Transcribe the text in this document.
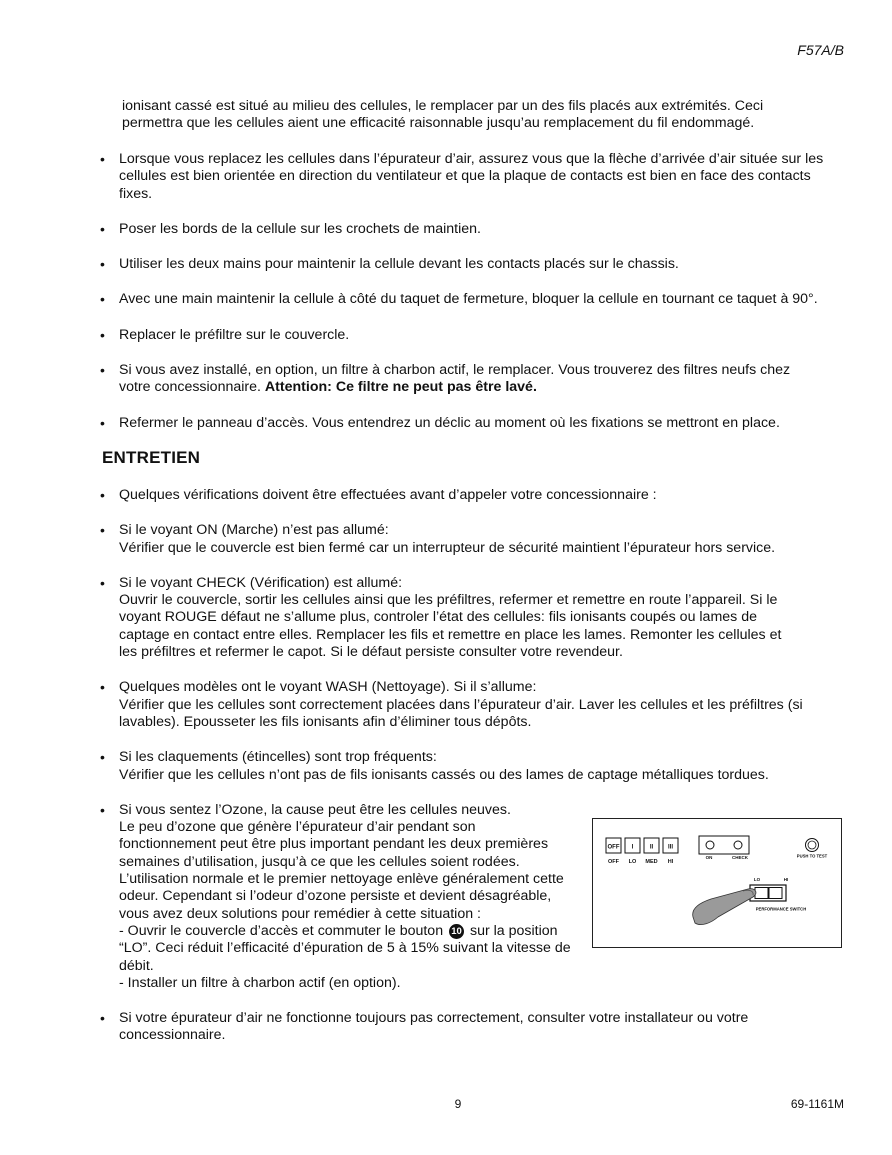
F57A/B

ionisant cassé est situé au milieu des cellules, le remplacer par un des fils placés aux extrémités. Ceci
permettra que les cellules aient une efficacité raisonnable jusqu’au remplacement du fil endommagé.

• Lorsque vous replacez les cellules dans l’épurateur d’air, assurez vous que la flèche d’arrivée d’air située sur les
cellules est bien orientée en direction du ventilateur et que la plaque de contacts est bien en face des contacts
fixes.
• Poser les bords de la cellule sur les crochets de maintien.
• Utiliser les deux mains pour maintenir la cellule devant les contacts placés sur le chassis.
• Avec une main maintenir la cellule à côté du taquet de fermeture, bloquer la cellule en tournant ce taquet à 90°.
• Replacer le préfiltre sur le couvercle.
• Si vous avez installé, en option, un filtre à charbon actif, le remplacer. Vous trouverez des filtres neufs chez
votre concessionnaire. Attention: Ce filtre ne peut pas être lavé.
• Refermer le panneau d’accès. Vous entendrez un déclic au moment où les fixations se mettront en place.
ENTRETIEN
• Quelques vérifications doivent être effectuées avant d’appeler votre concessionnaire :
• Si le voyant ON (Marche) n’est pas allumé:
Vérifier que le couvercle est bien fermé car un interrupteur de sécurité maintient l’épurateur hors service.
• Si le voyant CHECK (Vérification) est allumé:
Ouvrir le couvercle, sortir les cellules ainsi que les préfiltres, refermer et remettre en route l’appareil. Si le
voyant ROUGE défaut ne s’allume plus, controler l’état des cellules: fils ionisants coupés ou lames de
captage en contact entre elles. Remplacer les fils et remettre en place les lames. Remonter les cellules et
les préfiltres et refermer le capot. Si le défaut persiste consulter votre revendeur.
• Quelques modèles ont le voyant WASH (Nettoyage). Si il s’allume:
Vérifier que les cellules sont correctement placées dans l’épurateur d’air. Laver les cellules et les préfiltres (si
lavables). Epousseter les fils ionisants afin d’éliminer tous dépôts.
• Si les claquements (étincelles) sont trop fréquents:
Vérifier que les cellules n’ont pas de fils ionisants cassés ou des lames de captage métalliques tordues.
• Si vous sentez l’Ozone, la cause peut être les cellules neuves.
Le peu d’ozone que génère l’épurateur d’air pendant son
fonctionnement peut être plus important pendant les deux premières
semaines d’utilisation, jusqu’à ce que les cellules soient rodées.
L’utilisation normale et le premier nettoyage enlève généralement cette
odeur. Cependant si l’odeur d’ozone persiste et devient désagréable,
vous avez deux solutions pour remédier à cette situation :
- Ouvrir le couvercle d’accès et commuter le bouton 10 sur la position
“LO”. Ceci réduit l’efficacité d’épuration de 5 à 15% suivant la vitesse de
débit.
- Installer un filtre à charbon actif (en option).
• Si votre épurateur d’air ne fonctionne toujours pas correctement, consulter votre installateur ou votre
concessionnaire.
OFF I	II III
OFF LO MED HI
ON	CHECK	PUSH TO TEST
LO	HI
PERFORMANCE SWITCH
9	69-1161M
